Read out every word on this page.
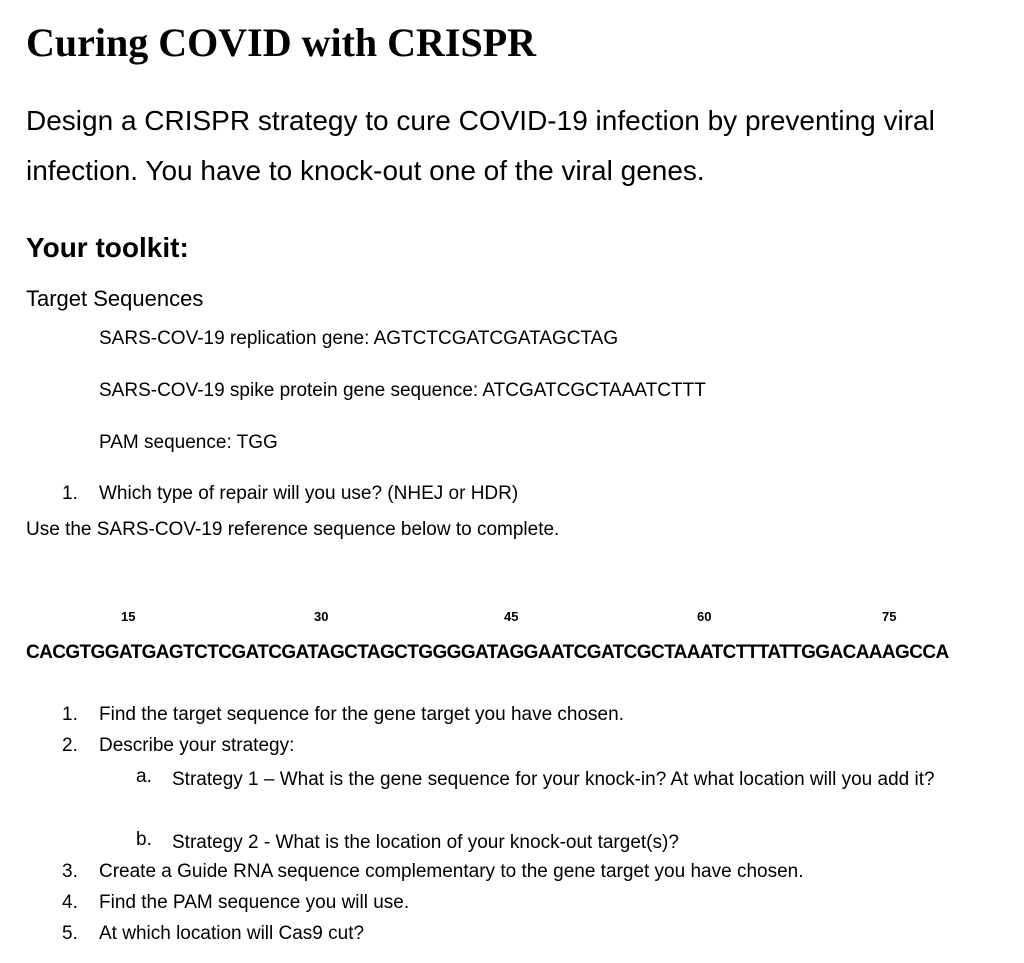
Curing COVID with CRISPR

Design a CRISPR strategy to cure COVID-19 infection by preventing viral infection. You have to knock-out one of the viral genes.

Your toolkit:
Target Sequences
SARS-COV-19 replication gene: AGTCTCGATCGATAGCTAG
SARS-COV-19 spike protein gene sequence: ATCGATCGCTAAATCTTT
PAM sequence: TGG
1. Which type of repair will you use? (NHEJ or HDR)
Use the SARS-COV-19 reference sequence below to complete.
15	30	45	60	75
CACGTGGATGAGTCTCGATCGATAGCTAGCTGGGGATAGGAATCGATCGCTAAATCTTTATTGGACAAAGCCA
1. Find the target sequence for the gene target you have chosen.
2. Describe your strategy:
a. Strategy 1 – What is the gene sequence for your knock-in? At what location will you add it?
b. Strategy 2 - What is the location of your knock-out target(s)?
3. Create a Guide RNA sequence complementary to the gene target you have chosen.
4. Find the PAM sequence you will use.
5. At which location will Cas9 cut?
